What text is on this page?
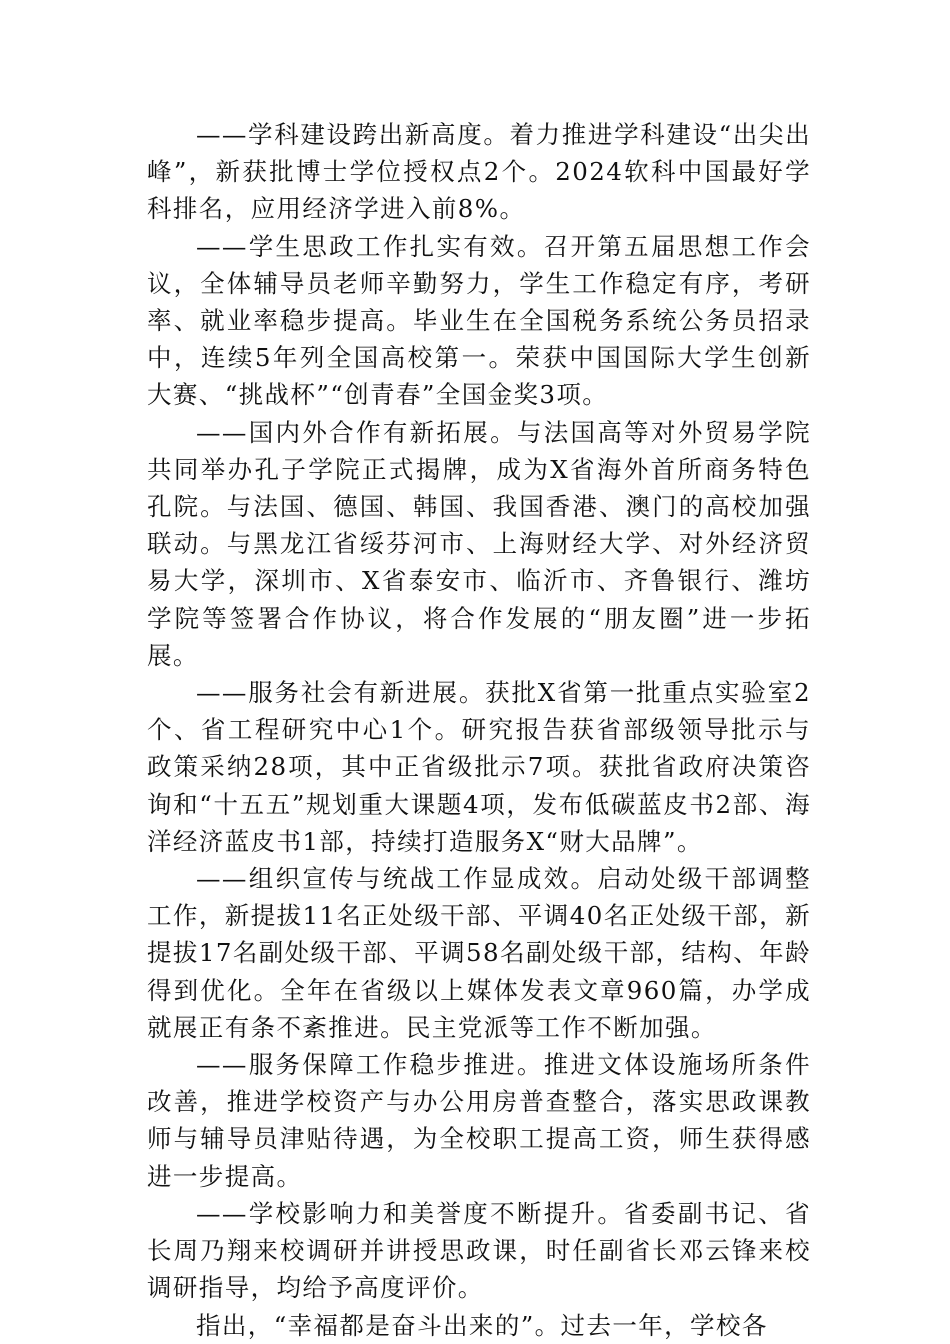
——学科建设跨出新高度。着力推进学科建设“出尖出峰”，新获批博士学位授权点2个。2024软科中国最好学科排名，应用经济学进入前8%。

——学生思政工作扎实有效。召开第五届思想工作会议，全体辅导员老师辛勤努力，学生工作稳定有序，考研率、就业率稳步提高。毕业生在全国税务系统公务员招录中，连续5年列全国高校第一。荣获中国国际大学生创新大赛、“挑战杯”“创青春”全国金奖3项。

——国内外合作有新拓展。与法国高等对外贸易学院共同举办孔子学院正式揭牌，成为X省海外首所商务特色孔院。与法国、德国、韩国、我国香港、澳门的高校加强联动。与黑龙江省绥芬河市、上海财经大学、对外经济贸易大学，深圳市、X省泰安市、临沂市、齐鲁银行、潍坊学院等签署合作协议，将合作发展的“朋友圈”进一步拓展。

——服务社会有新进展。获批X省第一批重点实验室2个、省工程研究中心1个。研究报告获省部级领导批示与政策采纳28项，其中正省级批示7项。获批省政府决策咨询和“十五五”规划重大课题4项，发布低碳蓝皮书2部、海洋经济蓝皮书1部，持续打造服务X“财大品牌”。

——组织宣传与统战工作显成效。启动处级干部调整工作，新提拔11名正处级干部、平调40名正处级干部，新提拔17名副处级干部、平调58名副处级干部，结构、年龄得到优化。全年在省级以上媒体发表文章960篇，办学成就展正有条不紊推进。民主党派等工作不断加强。

——服务保障工作稳步推进。推进文体设施场所条件改善，推进学校资产与办公用房普查整合，落实思政课教师与辅导员津贴待遇，为全校职工提高工资，师生获得感进一步提高。

——学校影响力和美誉度不断提升。省委副书记、省长周乃翔来校调研并讲授思政课，时任副省长邓云锋来校调研指导，均给予高度评价。

指出，“幸福都是奋斗出来的”。过去一年，学校各
